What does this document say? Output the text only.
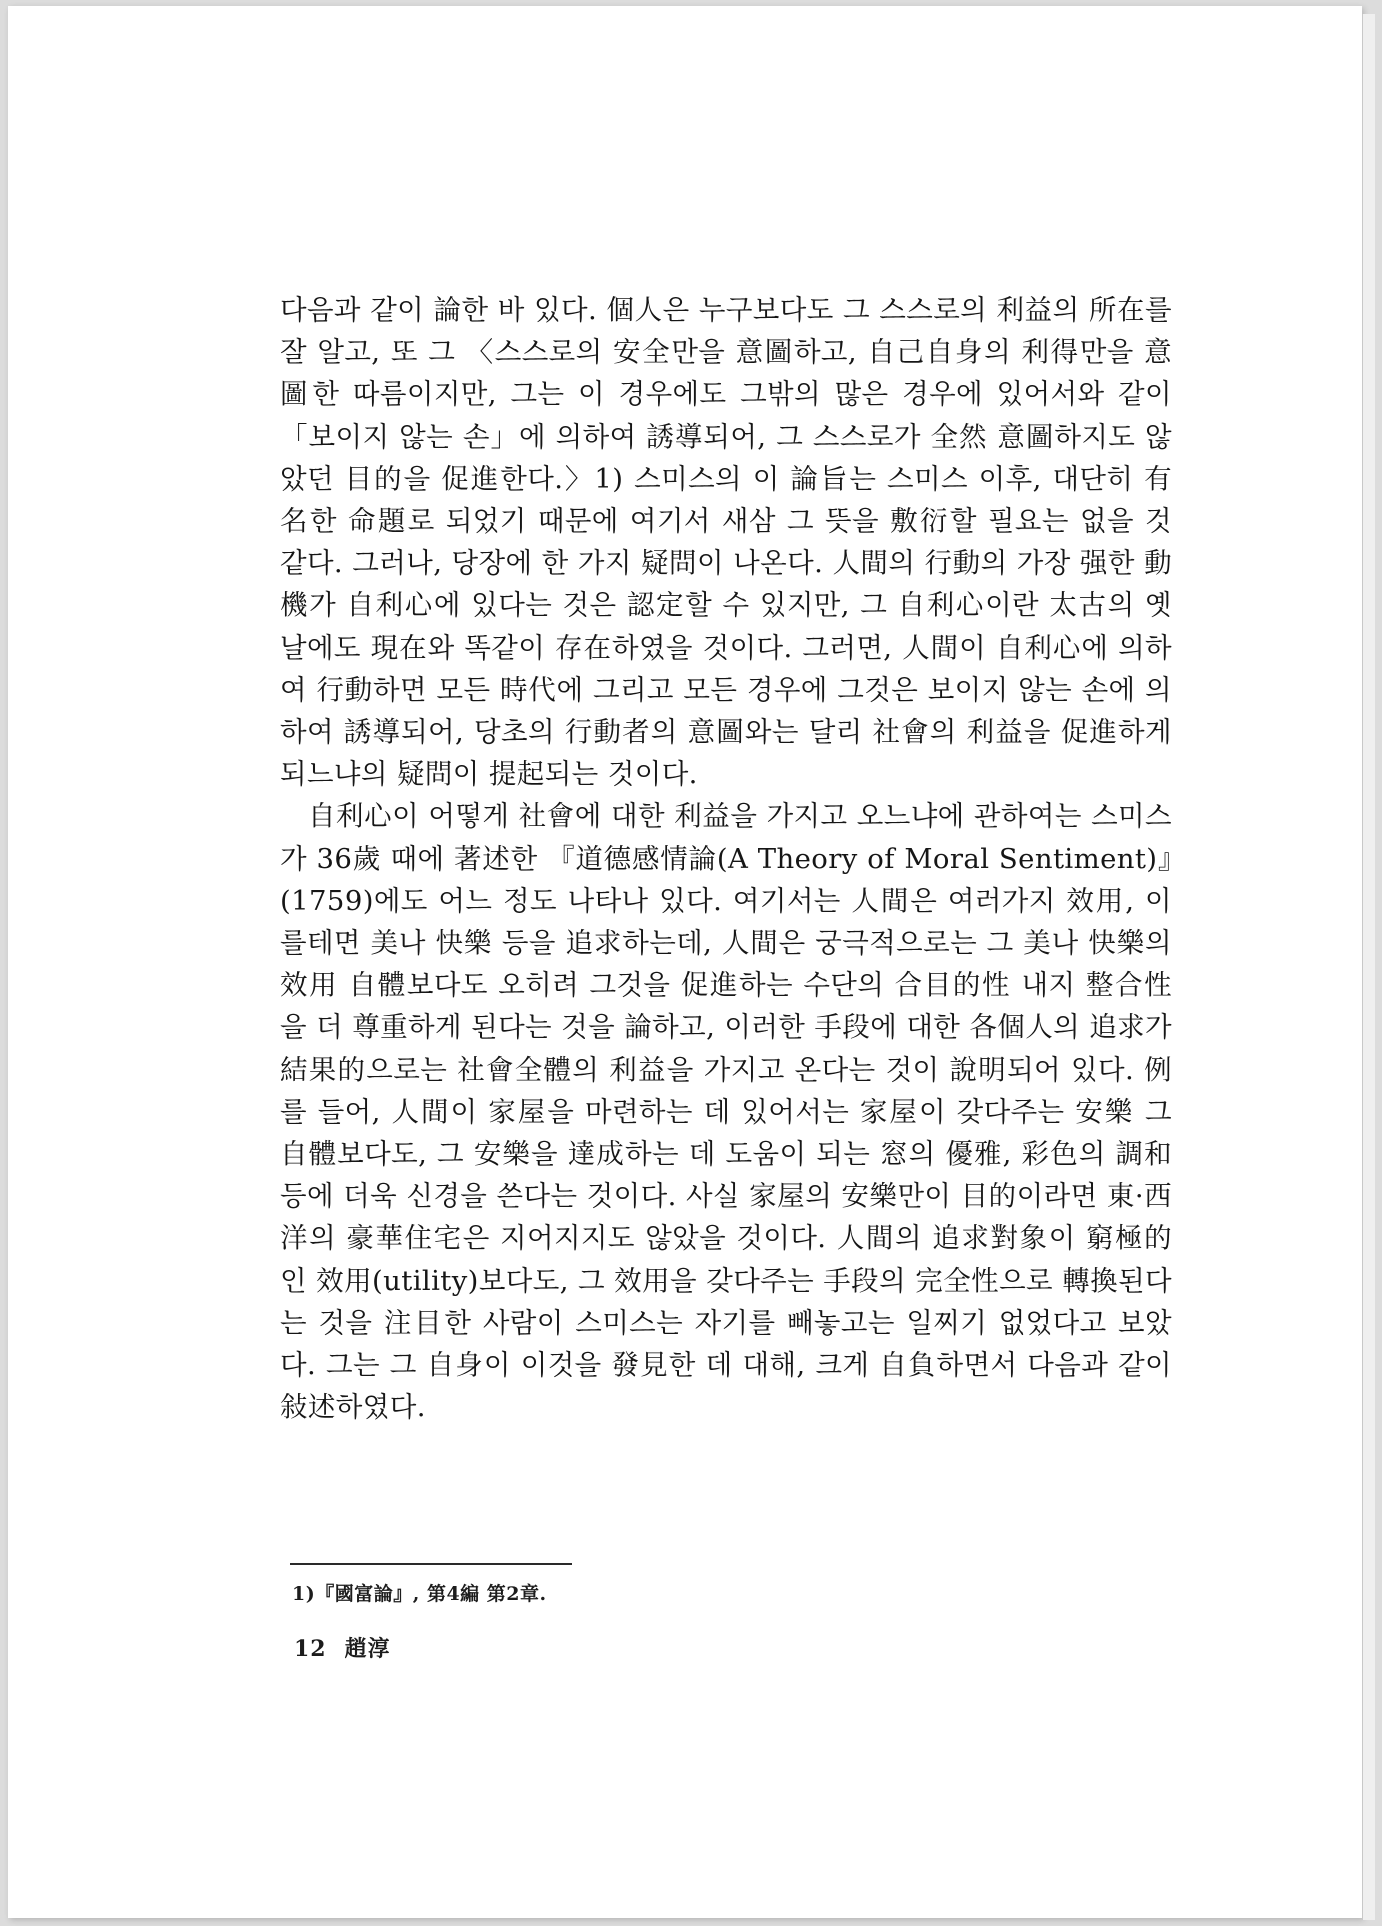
다음과 같이 論한 바 있다. 個人은 누구보다도 그 스스로의 利益의 所在를 잘 알고, 또 그 〈스스로의 安全만을 意圖하고, 自己自身의 利得만을 意圖한 따름이지만, 그는 이 경우에도 그밖의 많은 경우에 있어서와 같이 「보이지 않는 손」에 의하여 誘導되어, 그 스스로가 全然 意圖하지도 않았던 目的을 促進한다.〉1) 스미스의 이 論旨는 스미스 이후, 대단히 有名한 命題로 되었기 때문에 여기서 새삼 그 뜻을 敷衍할 필요는 없을 것 같다. 그러나, 당장에 한 가지 疑問이 나온다. 人間의 行動의 가장 强한 動機가 自利心에 있다는 것은 認定할 수 있지만, 그 自利心이란 太古의 옛날에도 現在와 똑같이 存在하였을 것이다. 그러면, 人間이 自利心에 의하여 行動하면 모든 時代에 그리고 모든 경우에 그것은 보이지 않는 손에 의하여 誘導되어, 당초의 行動者의 意圖와는 달리 社會의 利益을 促進하게 되느냐의 疑問이 提起되는 것이다.

自利心이 어떻게 社會에 대한 利益을 가지고 오느냐에 관하여는 스미스가 36歲 때에 著述한 『道德感情論(A Theory of Moral Sentiment)』(1759)에도 어느 정도 나타나 있다. 여기서는 人間은 여러가지 效用, 이를테면 美나 快樂 등을 追求하는데, 人間은 궁극적으로는 그 美나 快樂의 效用 自體보다도 오히려 그것을 促進하는 수단의 合目的性 내지 整合性을 더 尊重하게 된다는 것을 論하고, 이러한 手段에 대한 各個人의 追求가 結果的으로는 社會全體의 利益을 가지고 온다는 것이 說明되어 있다. 例를 들어, 人間이 家屋을 마련하는 데 있어서는 家屋이 갖다주는 安樂 그 自體보다도, 그 安樂을 達成하는 데 도움이 되는 窓의 優雅, 彩色의 調和 등에 더욱 신경을 쓴다는 것이다. 사실 家屋의 安樂만이 目的이라면 東·西洋의 豪華住宅은 지어지지도 않았을 것이다. 人間의 追求對象이 窮極的인 效用(utility)보다도, 그 效用을 갖다주는 手段의 完全性으로 轉換된다는 것을 注目한 사람이 스미스는 자기를 빼놓고는 일찌기 없었다고 보았다. 그는 그 自身이 이것을 發見한 데 대해, 크게 自負하면서 다음과 같이 敍述하였다.

1)『國富論』, 第4編 第2章.
12 趙淳
